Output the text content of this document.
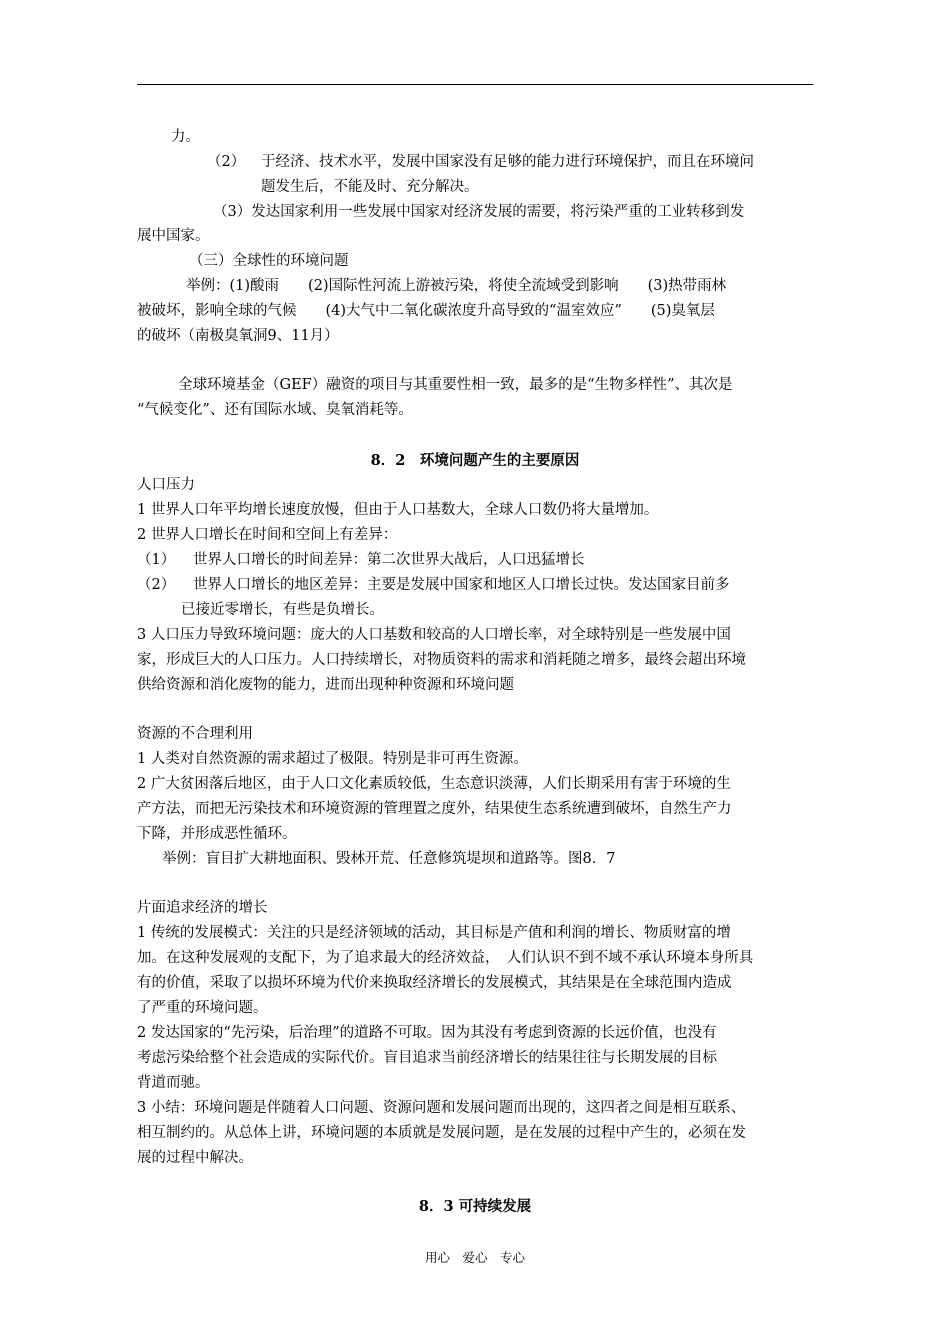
力。
（2） 于经济、技术水平，发展中国家没有足够的能力进行环境保护，而且在环境问
题发生后，不能及时、充分解决。
（3）发达国家利用一些发展中国家对经济发展的需要，将污染严重的工业转移到发
展中国家。
（三）全球性的环境问题
举例：(1)酸雨　　(2)国际性河流上游被污染，将使全流域受到影响　　(3)热带雨林
被破坏，影响全球的气候　　(4)大气中二氧化碳浓度升高导致的“温室效应”　　(5)臭氧层
的破坏（南极臭氧洞9、11月）
全球环境基金（GEF）融资的项目与其重要性相一致，最多的是“生物多样性”、其次是
“气候变化”、还有国际水域、臭氧消耗等。
8．2　环境问题产生的主要原因
人口压力
1 世界人口年平均增长速度放慢，但由于人口基数大，全球人口数仍将大量增加。
2 世界人口增长在时间和空间上有差异：
（1） 世界人口增长的时间差异：第二次世界大战后，人口迅猛增长
（2） 世界人口增长的地区差异：主要是发展中国家和地区人口增长过快。发达国家目前多
已接近零增长，有些是负增长。
3 人口压力导致环境问题：庞大的人口基数和较高的人口增长率，对全球特别是一些发展中国
家，形成巨大的人口压力。人口持续增长，对物质资料的需求和消耗随之增多，最终会超出环境
供给资源和消化废物的能力，进而出现种种资源和环境问题
资源的不合理利用
1 人类对自然资源的需求超过了极限。特别是非可再生资源。
2 广大贫困落后地区，由于人口文化素质较低，生态意识淡薄，人们长期采用有害于环境的生
产方法，而把无污染技术和环境资源的管理置之度外，结果使生态系统遭到破坏，自然生产力
下降，并形成恶性循环。
举例：盲目扩大耕地面积、毁林开荒、任意修筑堤坝和道路等。图8．7
片面追求经济的增长
1 传统的发展模式：关注的只是经济领域的活动，其目标是产值和利润的增长、物质财富的增
加。在这种发展观的支配下，为了追求最大的经济效益，　人们认识不到不域不承认环境本身所具
有的价值，采取了以损坏环境为代价来换取经济增长的发展模式，其结果是在全球范围内造成
了严重的环境问题。
2 发达国家的“先污染，后治理”的道路不可取。因为其没有考虑到资源的长远价值，也没有
考虑污染给整个社会造成的实际代价。盲目追求当前经济增长的结果往往与长期发展的目标
背道而驰。
3 小结：环境问题是伴随着人口问题、资源问题和发展问题而出现的，这四者之间是相互联系、
相互制约的。从总体上讲，环境问题的本质就是发展问题，是在发展的过程中产生的，必须在发
展的过程中解决。
8．3 可持续发展
用心　爱心　专心
